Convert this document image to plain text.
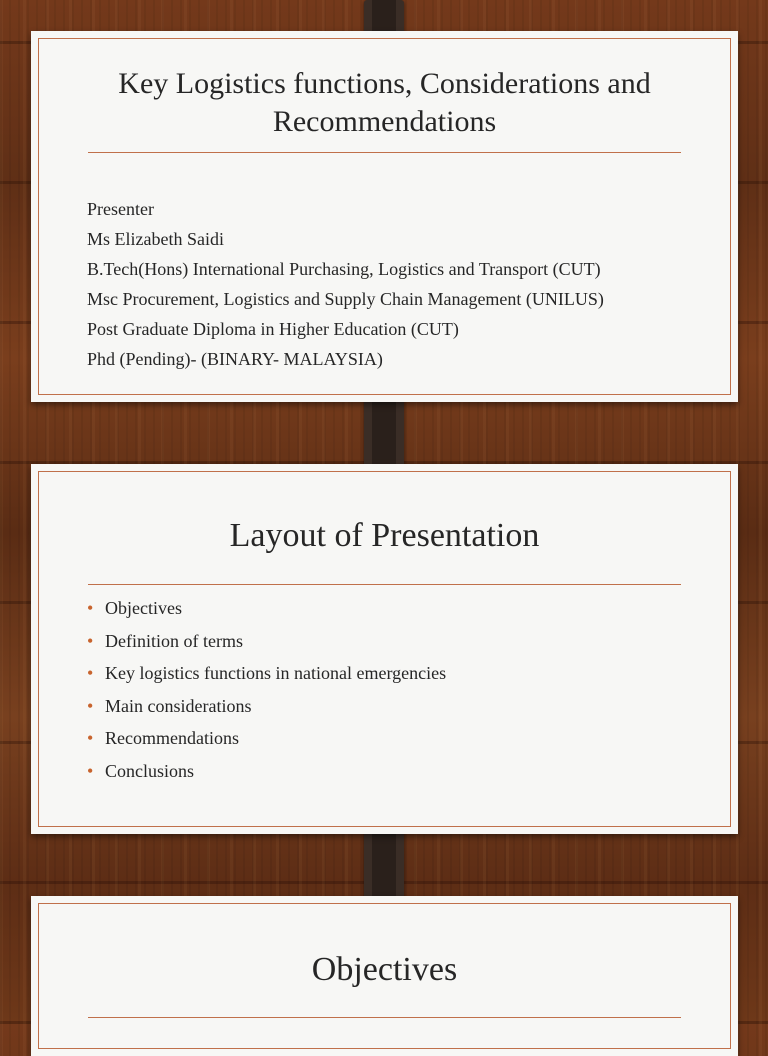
Key Logistics functions, Considerations and Recommendations
Presenter
Ms Elizabeth Saidi
B.Tech(Hons) International Purchasing, Logistics and Transport (CUT)
Msc Procurement, Logistics and Supply Chain Management (UNILUS)
Post Graduate Diploma in Higher Education (CUT)
Phd (Pending)- (BINARY- MALAYSIA)
Layout of Presentation
• Objectives
• Definition of terms
• Key logistics functions in national emergencies
• Main considerations
• Recommendations
• Conclusions
Objectives
